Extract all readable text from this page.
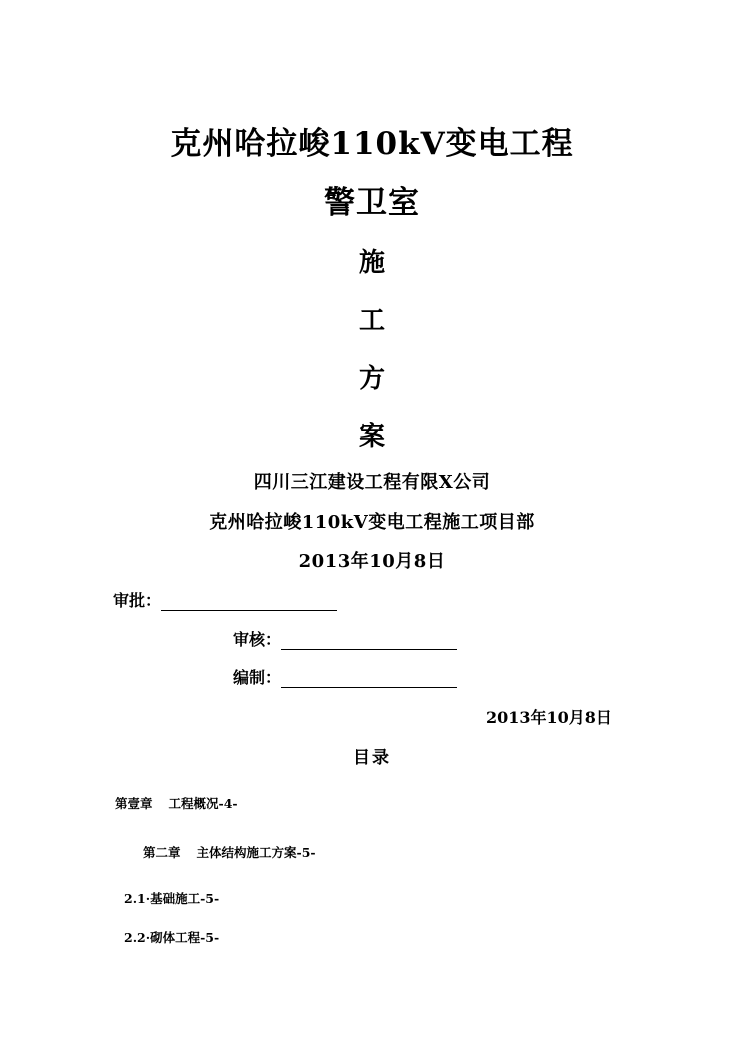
克州哈拉峻110kV变电工程
警卫室
施
工
方
案
四川三江建设工程有限X公司
克州哈拉峻110kV变电工程施工项目部
2013年10月8日
审批：
审核：
编制：
2013年10月8日
目录
第壹章 工程概况-4-
第二章 主体结构施工方案-5-
2.1·基础施工-5-
2.2·砌体工程-5-
